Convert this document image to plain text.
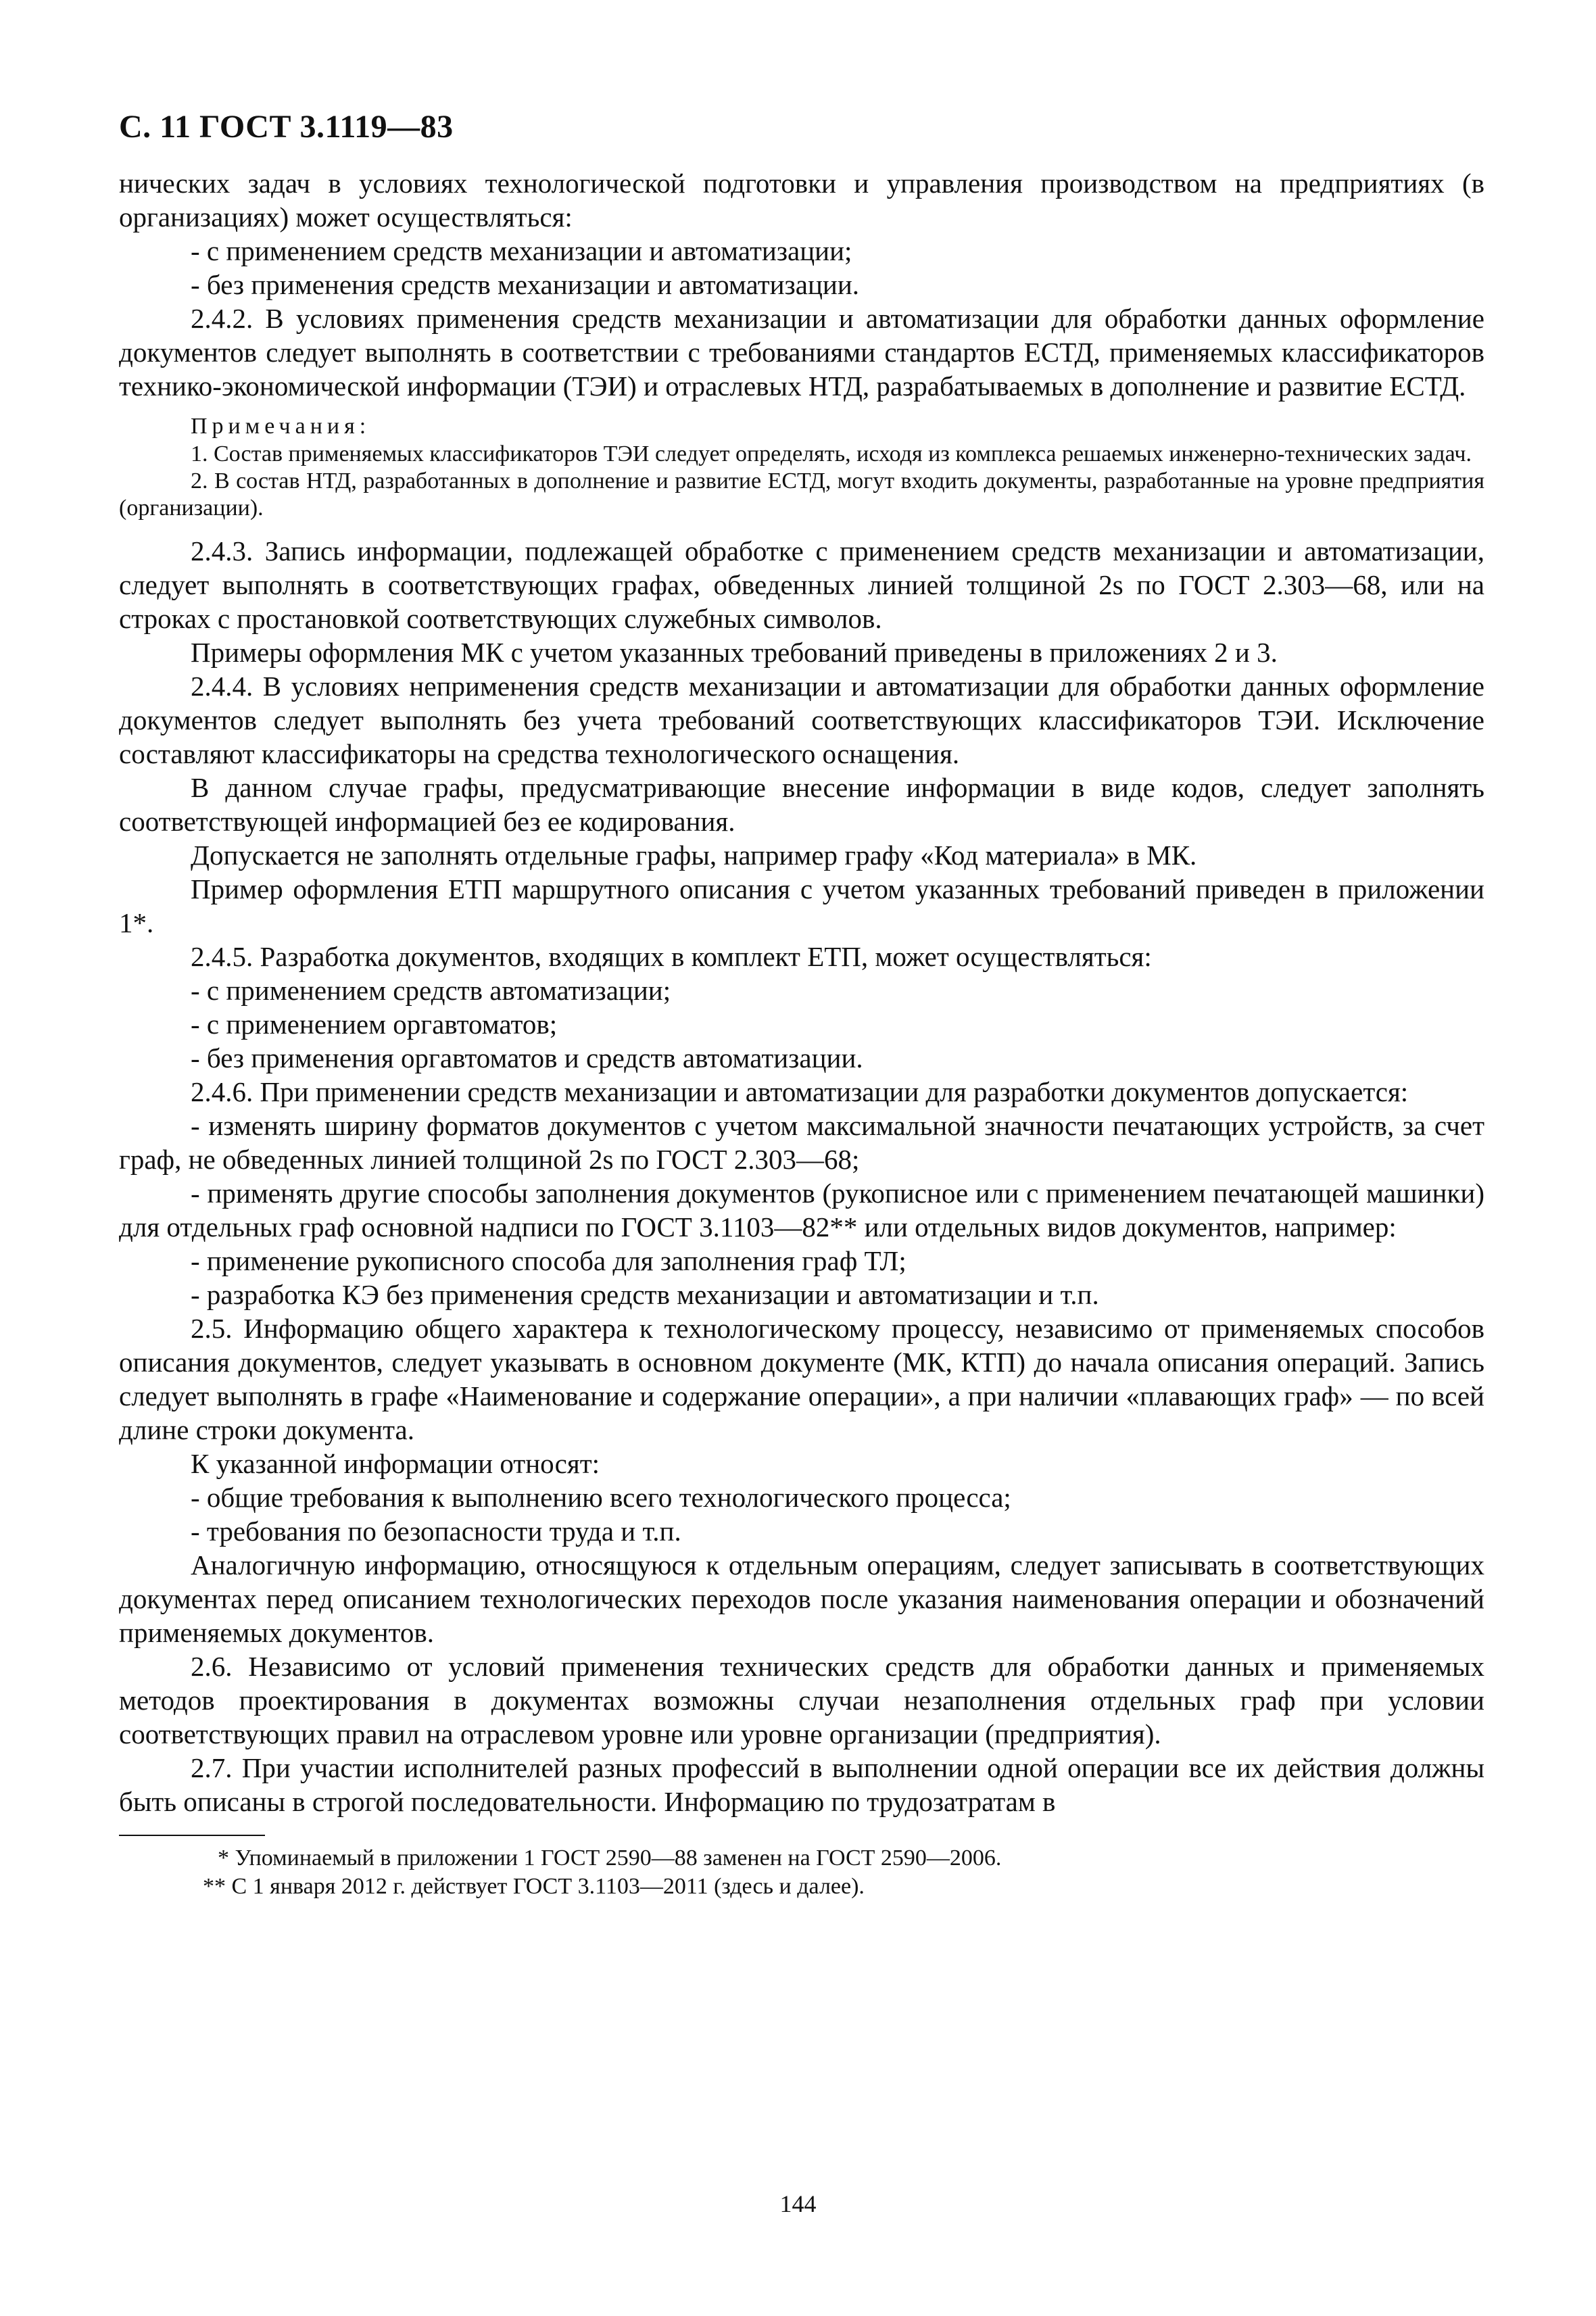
С. 11 ГОСТ 3.1119—83

нических задач в условиях технологической подготовки и управления производством на предприятиях (в организациях) может осуществляться:

- с применением средств механизации и автоматизации;

- без применения средств механизации и автоматизации.

2.4.2. В условиях применения средств механизации и автоматизации для обработки данных оформление документов следует выполнять в соответствии с требованиями стандартов ЕСТД, применяемых классификаторов технико-экономической информации (ТЭИ) и отраслевых НТД, разрабатываемых в дополнение и развитие ЕСТД.

Примечания:

1. Состав применяемых классификаторов ТЭИ следует определять, исходя из комплекса решаемых инженерно-технических задач.

2. В состав НТД, разработанных в дополнение и развитие ЕСТД, могут входить документы, разработанные на уровне предприятия (организации).

2.4.3. Запись информации, подлежащей обработке с применением средств механизации и автоматизации, следует выполнять в соответствующих графах, обведенных линией толщиной 2s по ГОСТ 2.303—68, или на строках с простановкой соответствующих служебных символов.

Примеры оформления МК с учетом указанных требований приведены в приложениях 2 и 3.

2.4.4. В условиях неприменения средств механизации и автоматизации для обработки данных оформление документов следует выполнять без учета требований соответствующих классификаторов ТЭИ. Исключение составляют классификаторы на средства технологического оснащения.

В данном случае графы, предусматривающие внесение информации в виде кодов, следует заполнять соответствующей информацией без ее кодирования.

Допускается не заполнять отдельные графы, например графу «Код материала» в МК.

Пример оформления ЕТП маршрутного описания с учетом указанных требований приведен в приложении 1*.

2.4.5. Разработка документов, входящих в комплект ЕТП, может осуществляться:

- с применением средств автоматизации;

- с применением оргавтоматов;

- без применения оргавтоматов и средств автоматизации.

2.4.6. При применении средств механизации и автоматизации для разработки документов допускается:

- изменять ширину форматов документов с учетом максимальной значности печатающих устройств, за счет граф, не обведенных линией толщиной 2s по ГОСТ 2.303—68;

- применять другие способы заполнения документов (рукописное или с применением печатающей машинки) для отдельных граф основной надписи по ГОСТ 3.1103—82** или отдельных видов документов, например:

- применение рукописного способа для заполнения граф ТЛ;

- разработка КЭ без применения средств механизации и автоматизации и т.п.

2.5. Информацию общего характера к технологическому процессу, независимо от применяемых способов описания документов, следует указывать в основном документе (МК, КТП) до начала описания операций. Запись следует выполнять в графе «Наименование и содержание операции», а при наличии «плавающих граф» — по всей длине строки документа.

К указанной информации относят:

- общие требования к выполнению всего технологического процесса;

- требования по безопасности труда и т.п.

Аналогичную информацию, относящуюся к отдельным операциям, следует записывать в соответствующих документах перед описанием технологических переходов после указания наименования операции и обозначений применяемых документов.

2.6. Независимо от условий применения технических средств для обработки данных и применяемых методов проектирования в документах возможны случаи незаполнения отдельных граф при условии соответствующих правил на отраслевом уровне или уровне организации (предприятия).

2.7. При участии исполнителей разных профессий в выполнении одной операции все их действия должны быть описаны в строгой последовательности. Информацию по трудозатратам в

* Упоминаемый в приложении 1 ГОСТ 2590—88 заменен на ГОСТ 2590—2006.

** С 1 января 2012 г. действует ГОСТ 3.1103—2011 (здесь и далее).

144
